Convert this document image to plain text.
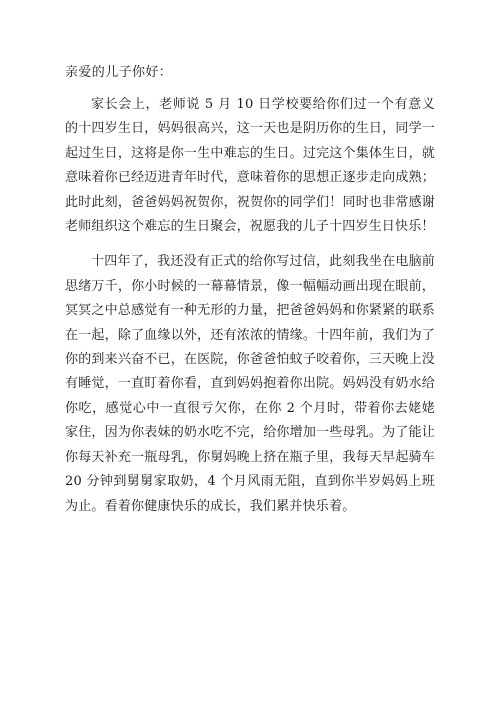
亲爱的儿子你好：

家长会上，老师说 5 月 10 日学校要给你们过一个有意义的十四岁生日，妈妈很高兴，这一天也是阴历你的生日，同学一起过生日，这将是你一生中难忘的生日。过完这个集体生日，就意味着你已经迈进青年时代，意味着你的思想正逐步走向成熟；此时此刻，爸爸妈妈祝贺你，祝贺你的同学们！同时也非常感谢老师组织这个难忘的生日聚会，祝愿我的儿子十四岁生日快乐！

十四年了，我还没有正式的给你写过信，此刻我坐在电脑前思绪万千，你小时候的一幕幕情景，像一幅幅动画出现在眼前，冥冥之中总感觉有一种无形的力量，把爸爸妈妈和你紧紧的联系在一起，除了血缘以外，还有浓浓的情缘。十四年前，我们为了你的到来兴奋不已，在医院，你爸爸怕蚊子咬着你，三天晚上没有睡觉，一直盯着你看，直到妈妈抱着你出院。妈妈没有奶水给你吃，感觉心中一直很亏欠你，在你 2 个月时，带着你去姥姥家住，因为你表妹的奶水吃不完，给你增加一些母乳。为了能让你每天补充一瓶母乳，你舅妈晚上挤在瓶子里，我每天早起骑车 20 分钟到舅舅家取奶，4 个月风雨无阻，直到你半岁妈妈上班为止。看着你健康快乐的成长，我们累并快乐着。
